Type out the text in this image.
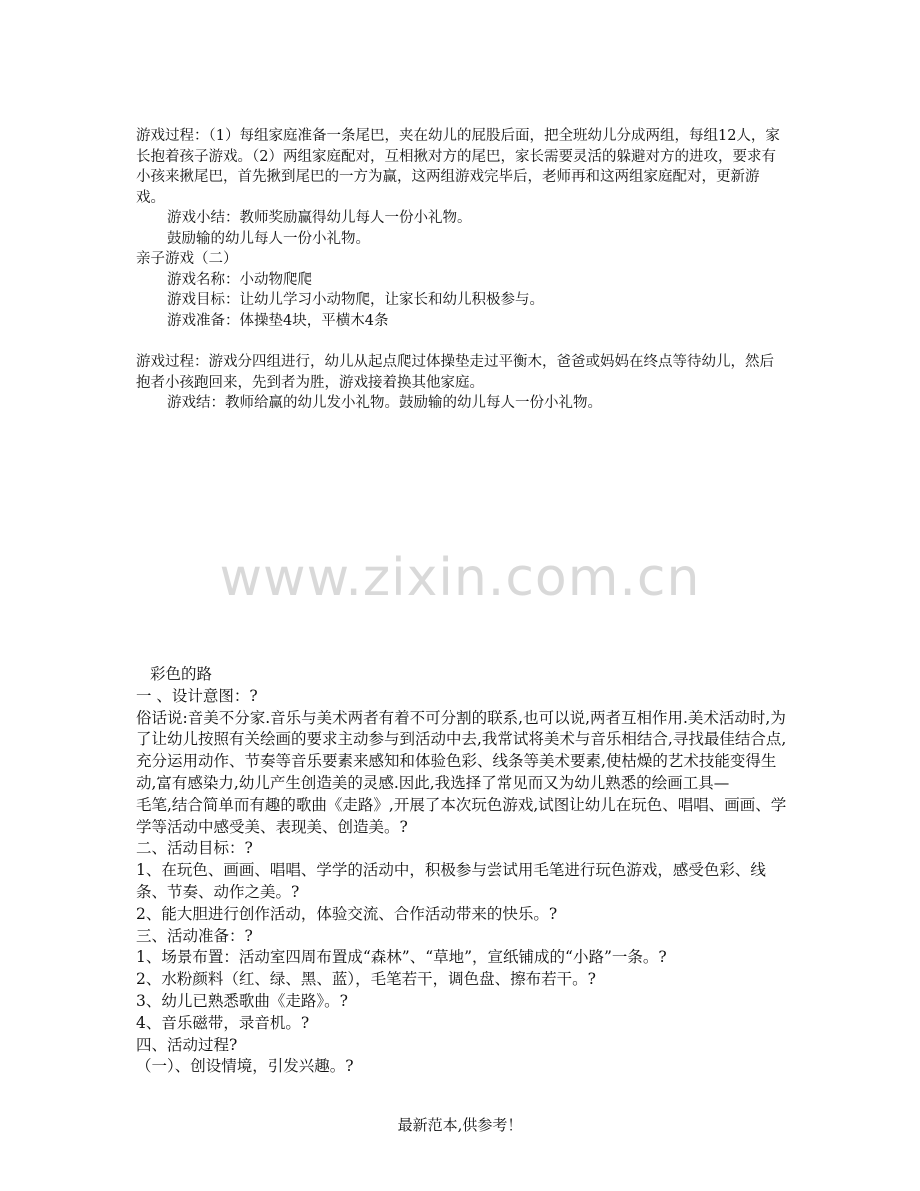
游戏过程：（1）每组家庭准备一条尾巴，夹在幼儿的屁股后面，把全班幼儿分成两组，每组12人，家长抱着孩子游戏。（2）两组家庭配对，互相揪对方的尾巴，家长需要灵活的躲避对方的进攻，要求有小孩来揪尾巴，首先揪到尾巴的一方为赢，这两组游戏完毕后，老师再和这两组家庭配对，更新游戏。

游戏小结：教师奖励赢得幼儿每人一份小礼物。

鼓励输的幼儿每人一份小礼物。

亲子游戏（二）

游戏名称：小动物爬爬

游戏目标：让幼儿学习小动物爬，让家长和幼儿积极参与。

游戏准备：体操垫4块，平横木4条

游戏过程：游戏分四组进行，幼儿从起点爬过体操垫走过平衡木，爸爸或妈妈在终点等待幼儿，然后抱者小孩跑回来，先到者为胜，游戏接着换其他家庭。

游戏结：教师给赢的幼儿发小礼物。鼓励输的幼儿每人一份小礼物。

www.zixin.com.cn

彩色的路

一 、设计意图：?

俗话说:音美不分家.音乐与美术两者有着不可分割的联系,也可以说,两者互相作用.美术活动时,为了让幼儿按照有关绘画的要求主动参与到活动中去,我常试将美术与音乐相结合,寻找最佳结合点,充分运用动作、节奏等音乐要素来感知和体验色彩、线条等美术要素,使枯燥的艺术技能变得生动,富有感染力,幼儿产生创造美的灵感.因此,我选择了常见而又为幼儿熟悉的绘画工具—

毛笔,结合简单而有趣的歌曲《走路》,开展了本次玩色游戏,试图让幼儿在玩色、唱唱、画画、学学等活动中感受美、表现美、创造美。?

二、活动目标：?

1、在玩色、画画、唱唱、学学的活动中，积极参与尝试用毛笔进行玩色游戏，感受色彩、线条、节奏、动作之美。?

2、能大胆进行创作活动，体验交流、合作活动带来的快乐。?

三、活动准备：?

1、场景布置：活动室四周布置成“森林”、“草地”，宣纸铺成的“小路”一条。?

2、水粉颜料（红、绿、黑、蓝），毛笔若干，调色盘、擦布若干。?

3、幼儿已熟悉歌曲《走路》。?

4、音乐磁带，录音机。?

四、活动过程?

（一）、创设情境，引发兴趣。?

最新范本,供参考！
